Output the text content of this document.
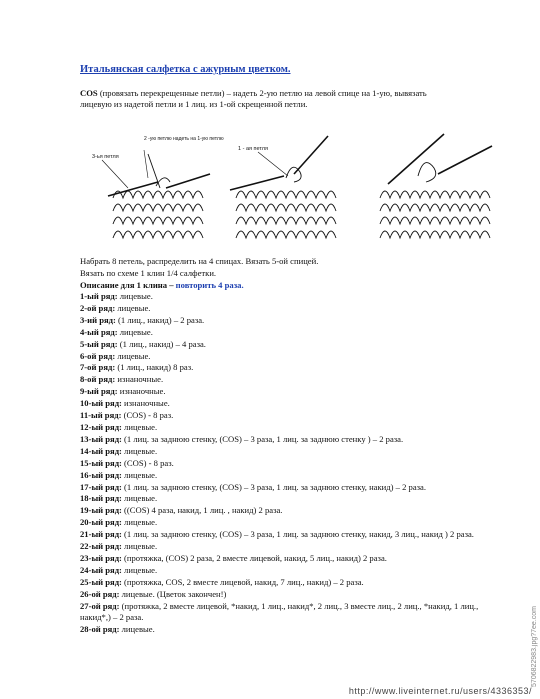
Итальянская салфетка с ажурным цветком.
COS (провязать перекрещенные петли) – надеть 2-ую петлю на левой спице на 1-ую, вывязать лицевую из надетой петли и 1 лиц. из 1-ой скрещенной петли.
3-ья петля
2 -ую петлю надеть на 1-ую петлю
1 - ая петля
Набрать 8 петель, распределить на 4 спицах. Вязать 5-ой спицей.
Вязать по схеме 1 клин 1/4 салфетки.
Описание для 1 клина – повторить 4 раза.
1-ый ряд: лицевые.
2-ой ряд: лицевые.
3-ий ряд: (1 лиц., накид) – 2 раза.
4-ый ряд: лицевые.
5-ый ряд: (1 лиц., накид) – 4 раза.
6-ой ряд: лицевые.
7-ой ряд: (1 лиц., накид) 8 раз.
8-ой ряд: изнаночные.
9-ый ряд: изнаночные.
10-ый ряд: изнаночные.
11-ый ряд: (COS) - 8 раз.
12-ый ряд: лицевые.
13-ый ряд: (1 лиц. за заднюю стенку, (COS) – 3 раза, 1 лиц. за заднюю стенку ) – 2 раза.
14-ый ряд: лицевые.
15-ый ряд: (COS) - 8 раз.
16-ый ряд: лицевые.
17-ый ряд: (1 лиц. за заднюю стенку, (COS) – 3 раза, 1 лиц. за заднюю стенку, накид) – 2 раза.
18-ый ряд: лицевые.
19-ый ряд: ((COS) 4 раза, накид, 1 лиц. , накид) 2 раза.
20-ый ряд: лицевые.
21-ый ряд: (1 лиц. за заднюю стенку, (COS) – 3 раза, 1 лиц. за заднюю стенку, накид, 3 лиц., накид ) 2 раза.
22-ый ряд: лицевые.
23-ый ряд: (протяжка, (COS) 2 раза, 2 вместе лицевой, накид, 5 лиц., накид) 2 раза.
24-ый ряд: лицевые.
25-ый ряд: (протяжка, COS, 2 вместе лицевой, накид, 7 лиц., накид) – 2 раза.
26-ой ряд: лицевые. (Цветок закончен!)
27-ой ряд: (протяжка, 2 вместе лицевой, *накид, 1 лиц., накид*, 2 лиц., 3 вместе лиц., 2 лиц., *накид, 1 лиц., накид*,) – 2 раза.
28-ой ряд: лицевые.
http://www.liveinternet.ru/users/4336353/
5706822983.jpg?7ee.com
